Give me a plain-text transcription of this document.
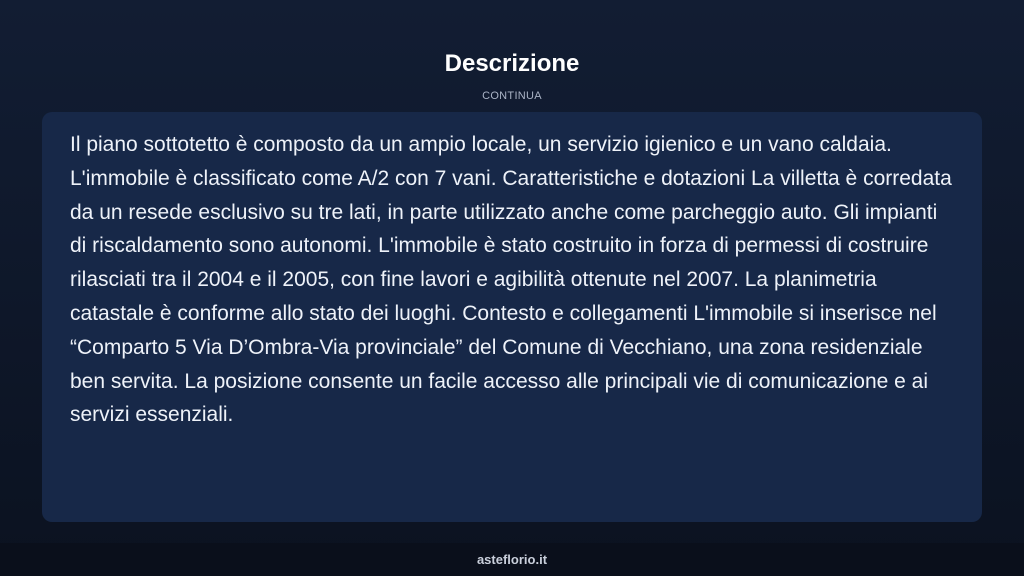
Descrizione
CONTINUA

Il piano sottotetto è composto da un ampio locale, un servizio igienico e un vano caldaia. L'immobile è classificato come A/2 con 7 vani. Caratteristiche e dotazioni La villetta è corredata da un resede esclusivo su tre lati, in parte utilizzato anche come parcheggio auto. Gli impianti di riscaldamento sono autonomi. L'immobile è stato costruito in forza di permessi di costruire rilasciati tra il 2004 e il 2005, con fine lavori e agibilità ottenute nel 2007. La planimetria catastale è conforme allo stato dei luoghi. Contesto e collegamenti L'immobile si inserisce nel “Comparto 5 Via D’Ombra-Via provinciale” del Comune di Vecchiano, una zona residenziale ben servita. La posizione consente un facile accesso alle principali vie di comunicazione e ai servizi essenziali.

asteflorio.it
